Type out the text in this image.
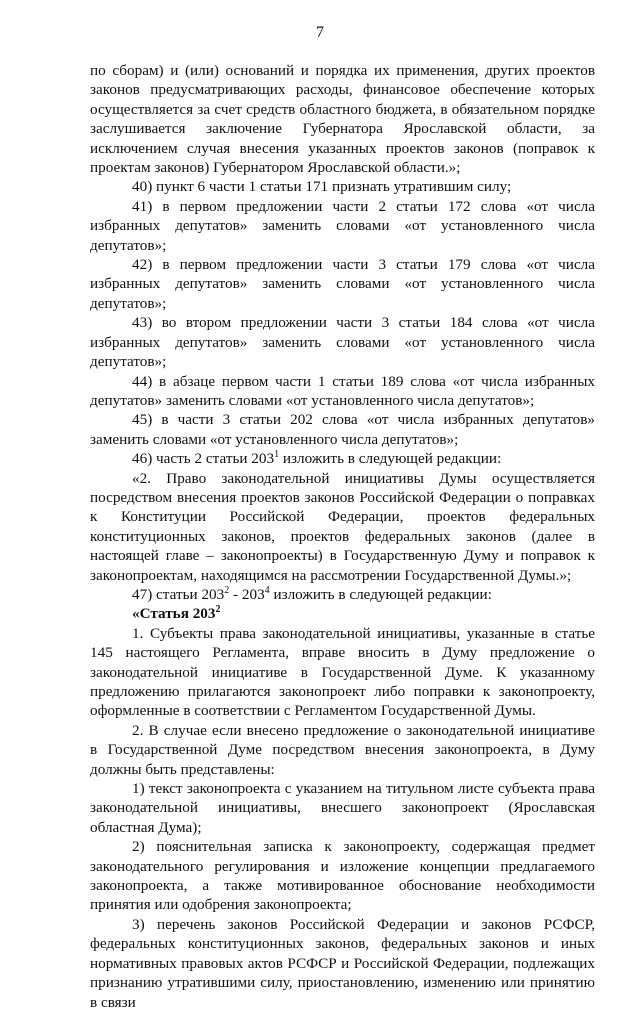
7

по сборам) и (или) оснований и порядка их применения, других проектов законов предусматривающих расходы, финансовое обеспечение которых осуществляется за счет средств областного бюджета, в обязательном порядке заслушивается заключение Губернатора Ярославской области, за исключением случая внесения указанных проектов законов (поправок к проектам законов) Губернатором Ярославской области.»;

40) пункт 6 части 1 статьи 171 признать утратившим силу;

41) в первом предложении части 2 статьи 172 слова «от числа избранных депутатов» заменить словами «от установленного числа депутатов»;

42) в первом предложении части 3 статьи 179 слова «от числа избранных депутатов» заменить словами «от установленного числа депутатов»;

43) во втором предложении части 3 статьи 184 слова «от числа избранных депутатов» заменить словами «от установленного числа депутатов»;

44) в абзаце первом части 1 статьи 189 слова «от числа избранных депутатов» заменить словами «от установленного числа депутатов»;

45) в части 3 статьи 202 слова «от числа избранных депутатов» заменить словами «от установленного числа депутатов»;

46) часть 2 статьи $203^1$ изложить в следующей редакции:

«2. Право законодательной инициативы Думы осуществляется посредством внесения проектов законов Российской Федерации о поправках к Конституции Российской Федерации, проектов федеральных конституционных законов, проектов федеральных законов (далее в настоящей главе – законопроекты) в Государственную Думу и поправок к законопроектам, находящимся на рассмотрении Государственной Думы.»;

47) статьи $203^2 - 203^4$ изложить в следующей редакции:

«Статья $203^2$

1. Субъекты права законодательной инициативы, указанные в статье 145 настоящего Регламента, вправе вносить в Думу предложение о законодательной инициативе в Государственной Думе. К указанному предложению прилагаются законопроект либо поправки к законопроекту, оформленные в соответствии с Регламентом Государственной Думы.

2. В случае если внесено предложение о законодательной инициативе в Государственной Думе посредством внесения законопроекта, в Думу должны быть представлены:

1) текст законопроекта с указанием на титульном листе субъекта права законодательной инициативы, внесшего законопроект (Ярославская областная Дума);

2) пояснительная записка к законопроекту, содержащая предмет законодательного регулирования и изложение концепции предлагаемого законопроекта, а также мотивированное обоснование необходимости принятия или одобрения законопроекта;

3) перечень законов Российской Федерации и законов РСФСР, федеральных конституционных законов, федеральных законов и иных нормативных правовых актов РСФСР и Российской Федерации, подлежащих признанию утратившими силу, приостановлению, изменению или принятию в связи
